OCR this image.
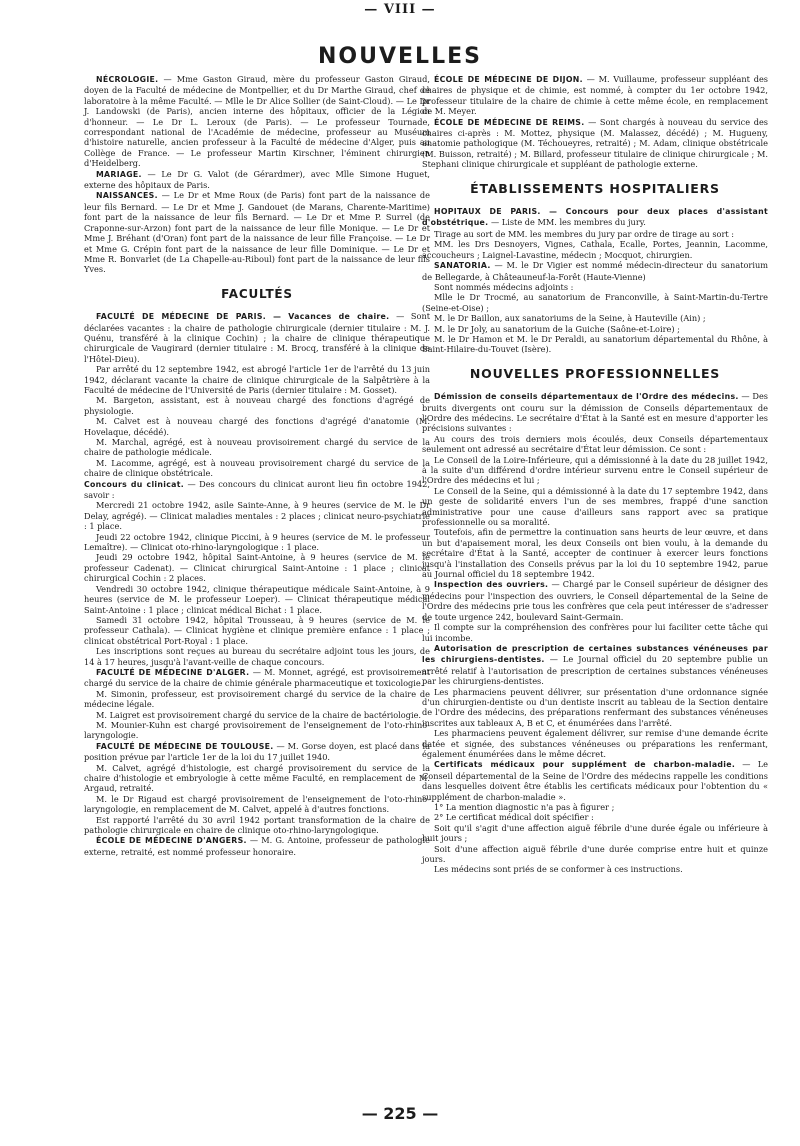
— VIII —
NOUVELLES

NÉCROLOGIE. — Mme Gaston Giraud, mère du professeur Gaston Giraud, doyen de la Faculté de médecine de Montpellier, et du Dr Marthe Giraud, chef de laboratoire à la même Faculté. — Mlle le Dr Alice Sollier (de Saint-Cloud). — Le Dr J. Landowski (de Paris), ancien interne des hôpitaux, officier de la Légion d'honneur. — Le Dr L. Leroux (de Paris). — Le professeur Tournade, correspondant national de l'Académie de médecine, professeur au Muséum d'histoire naturelle, ancien professeur à la Faculté de médecine d'Alger, puis au Collège de France. — Le professeur Martin Kirschner, l'éminent chirurgien d'Heidelberg.

MARIAGE. — Le Dr G. Valot (de Gérardmer), avec Mlle Simone Huguet, externe des hôpitaux de Paris.

NAISSANCES. — Le Dr et Mme Roux (de Paris) font part de la naissance de leur fils Bernard. — Le Dr et Mme J. Gandouet (de Marans, Charente-Maritime) font part de la naissance de leur fils Bernard. — Le Dr et Mme P. Surrel (de Craponne-sur-Arzon) font part de la naissance de leur fille Monique. — Le Dr et Mme J. Bréhant (d'Oran) font part de la naissance de leur fille Françoise. — Le Dr et Mme G. Crépin font part de la naissance de leur fille Dominique. — Le Dr et Mme R. Bonvarlet (de La Chapelle-au-Riboul) font part de la naissance de leur fils Yves.

FACULTÉS

FACULTÉ DE MÉDECINE DE PARIS. — Vacances de chaire. — Sont déclarées vacantes : la chaire de pathologie chirurgicale (dernier titulaire : M. J. Quénu, transféré à la clinique Cochin) ; la chaire de clinique thérapeutique chirurgicale de Vaugirard (dernier titulaire : M. Brocq, transféré à la clinique de l'Hôtel-Dieu).

Par arrêté du 12 septembre 1942, est abrogé l'article 1er de l'arrêté du 13 juin 1942, déclarant vacante la chaire de clinique chirurgicale de la Salpêtrière à la Faculté de médecine de l'Université de Paris (dernier titulaire : M. Gosset).

M. Bargeton, assistant, est à nouveau chargé des fonctions d'agrégé de physiologie.

M. Calvet est à nouveau chargé des fonctions d'agrégé d'anatomie (M. Hovelaque, décédé).

M. Marchal, agrégé, est à nouveau provisoirement chargé du service de la chaire de pathologie médicale.

M. Lacomme, agrégé, est à nouveau provisoirement chargé du service de la chaire de clinique obstétricale.

Concours du clinicat. — Des concours du clinicat auront lieu fin octobre 1942, savoir :

Mercredi 21 octobre 1942, asile Sainte-Anne, à 9 heures (service de M. le Dr Delay, agrégé). — Clinicat maladies mentales : 2 places ; clinicat neuro-psychiatrie : 1 place.

Jeudi 22 octobre 1942, clinique Piccini, à 9 heures (service de M. le professeur Lemaître). — Clinicat oto-rhino-laryngologique : 1 place.

Jeudi 29 octobre 1942, hôpital Saint-Antoine, à 9 heures (service de M. le professeur Cadenat). — Clinicat chirurgical Saint-Antoine : 1 place ; clinicat chirurgical Cochin : 2 places.

Vendredi 30 octobre 1942, clinique thérapeutique médicale Saint-Antoine, à 9 heures (service de M. le professeur Loeper). — Clinicat thérapeutique médical Saint-Antoine : 1 place ; clinicat médical Bichat : 1 place.

Samedi 31 octobre 1942, hôpital Trousseau, à 9 heures (service de M. le professeur Cathala). — Clinicat hygiène et clinique première enfance : 1 place ; clinicat obstétrical Port-Royal : 1 place.

Les inscriptions sont reçues au bureau du secrétaire adjoint tous les jours, de 14 à 17 heures, jusqu'à l'avant-veille de chaque concours.

FACULTÉ DE MÉDECINE D'ALGER. — M. Monnet, agrégé, est provisoirement chargé du service de la chaire de chimie générale pharmaceutique et toxicologie.

M. Simonin, professeur, est provisoirement chargé du service de la chaire de médecine légale.

M. Laigret est provisoirement chargé du service de la chaire de bactériologie.

M. Mounier-Kuhn est chargé provisoirement de l'enseignement de l'oto-rhino-laryngologie.

FACULTÉ DE MÉDECINE DE TOULOUSE. — M. Gorse doyen, est placé dans la position prévue par l'article 1er de la loi du 17 juillet 1940.

M. Calvet, agrégé d'histologie, est chargé provisoirement du service de la chaire d'histologie et embryologie à cette même Faculté, en remplacement de M. Argaud, retraité.

M. le Dr Rigaud est chargé provisoirement de l'enseignement de l'oto-rhino-laryngologie, en remplacement de M. Calvet, appelé à d'autres fonctions.

Est rapporté l'arrêté du 30 avril 1942 portant transformation de la chaire de pathologie chirurgicale en chaire de clinique oto-rhino-laryngologique.

ÉCOLE DE MÉDECINE D'ANGERS. — M. G. Antoine, professeur de pathologie externe, retraité, est nommé professeur honoraire.

ÉCOLE DE MÉDECINE DE DIJON. — M. Vuillaume, professeur suppléant des chaires de physique et de chimie, est nommé, à compter du 1er octobre 1942, professeur titulaire de la chaire de chimie à cette même école, en remplacement de M. Meyer.

ÉCOLE DE MÉDECINE DE REIMS. — Sont chargés à nouveau du service des chaires ci-après : M. Mottez, physique (M. Malassez, décédé) ; M. Hugueny, anatomie pathologique (M. Téchoueyres, retraité) ; M. Adam, clinique obstétricale (M. Buisson, retraité) ; M. Billard, professeur titulaire de clinique chirurgicale ; M. Stephani clinique chirurgicale et suppléant de pathologie externe.

ÉTABLISSEMENTS HOSPITALIERS

HOPITAUX DE PARIS. — Concours pour deux places d'assistant d'obstétrique. — Liste de MM. les membres du jury.

Tirage au sort de MM. les membres du jury par ordre de tirage au sort :

MM. les Drs Desnoyers, Vignes, Cathala, Ecalle, Portes, Jeannin, Lacomme, accoucheurs ; Laignel-Lavastine, médecin ; Mocquot, chirurgien.

SANATORIA. — M. le Dr Vigier est nommé médecin-directeur du sanatorium de Bellegarde, à Châteauneuf-la-Forêt (Haute-Vienne)

Sont nommés médecins adjoints :

Mlle le Dr Trocmé, au sanatorium de Franconville, à Saint-Martin-du-Tertre (Seine-et-Oise) ;

M. le Dr Baillon, aux sanatoriums de la Seine, à Hauteville (Ain) ;

M. le Dr Joly, au sanatorium de la Guiche (Saône-et-Loire) ;

M. le Dr Hamon et M. le Dr Peraldi, au sanatorium départemental du Rhône, à Saint-Hilaire-du-Touvet (Isère).

NOUVELLES PROFESSIONNELLES

Démission de conseils départementaux de l'Ordre des médecins. — Des bruits divergents ont couru sur la démission de Conseils départementaux de l'Ordre des médecins. Le secrétaire d'État à la Santé est en mesure d'apporter les précisions suivantes :

Au cours des trois derniers mois écoulés, deux Conseils départementaux seulement ont adressé au secrétaire d'État leur démission. Ce sont :

Le Conseil de la Loire-Inférieure, qui a démissionné à la date du 28 juillet 1942, à la suite d'un différend d'ordre intérieur survenu entre le Conseil supérieur de l'Ordre des médecins et lui ;

Le Conseil de la Seine, qui a démissionné à la date du 17 septembre 1942, dans un geste de solidarité envers l'un de ses membres, frappé d'une sanction administrative pour une cause d'ailleurs sans rapport avec sa pratique professionnelle ou sa moralité.

Toutefois, afin de permettre la continuation sans heurts de leur œuvre, et dans un but d'apaisement moral, les deux Conseils ont bien voulu, à la demande du secrétaire d'État à la Santé, accepter de continuer à exercer leurs fonctions jusqu'à l'installation des Conseils prévus par la loi du 10 septembre 1942, parue au Journal officiel du 18 septembre 1942.

Inspection des ouvriers. — Chargé par le Conseil supérieur de désigner des médecins pour l'inspection des ouvriers, le Conseil départemental de la Seine de l'Ordre des médecins prie tous les confrères que cela peut intéresser de s'adresser de toute urgence 242, boulevard Saint-Germain.

Il compte sur la compréhension des confrères pour lui faciliter cette tâche qui lui incombe.

Autorisation de prescription de certaines substances vénéneuses par les chirurgiens-dentistes. — Le Journal officiel du 20 septembre publie un arrêté relatif à l'autorisation de prescription de certaines substances vénéneuses par les chirurgiens-dentistes.

Les pharmaciens peuvent délivrer, sur présentation d'une ordonnance signée d'un chirurgien-dentiste ou d'un dentiste inscrit au tableau de la Section dentaire de l'Ordre des médecins, des préparations renfermant des substances vénéneuses inscrites aux tableaux A, B et C, et énumérées dans l'arrêté.

Les pharmaciens peuvent également délivrer, sur remise d'une demande écrite datée et signée, des substances vénéneuses ou préparations les renfermant, également énumérées dans le même décret.

Certificats médicaux pour supplément de charbon-maladie. — Le Conseil départemental de la Seine de l'Ordre des médecins rappelle les conditions dans lesquelles doivent être établis les certificats médicaux pour l'obtention du « supplément de charbon-maladie ».

1° La mention diagnostic n'a pas à figurer ;

2° Le certificat médical doit spécifier :

Soit qu'il s'agit d'une affection aiguë fébrile d'une durée égale ou inférieure à huit jours ;

Soit d'une affection aiguë fébrile d'une durée comprise entre huit et quinze jours.

Les médecins sont priés de se conformer à ces instructions.

— 225 —
